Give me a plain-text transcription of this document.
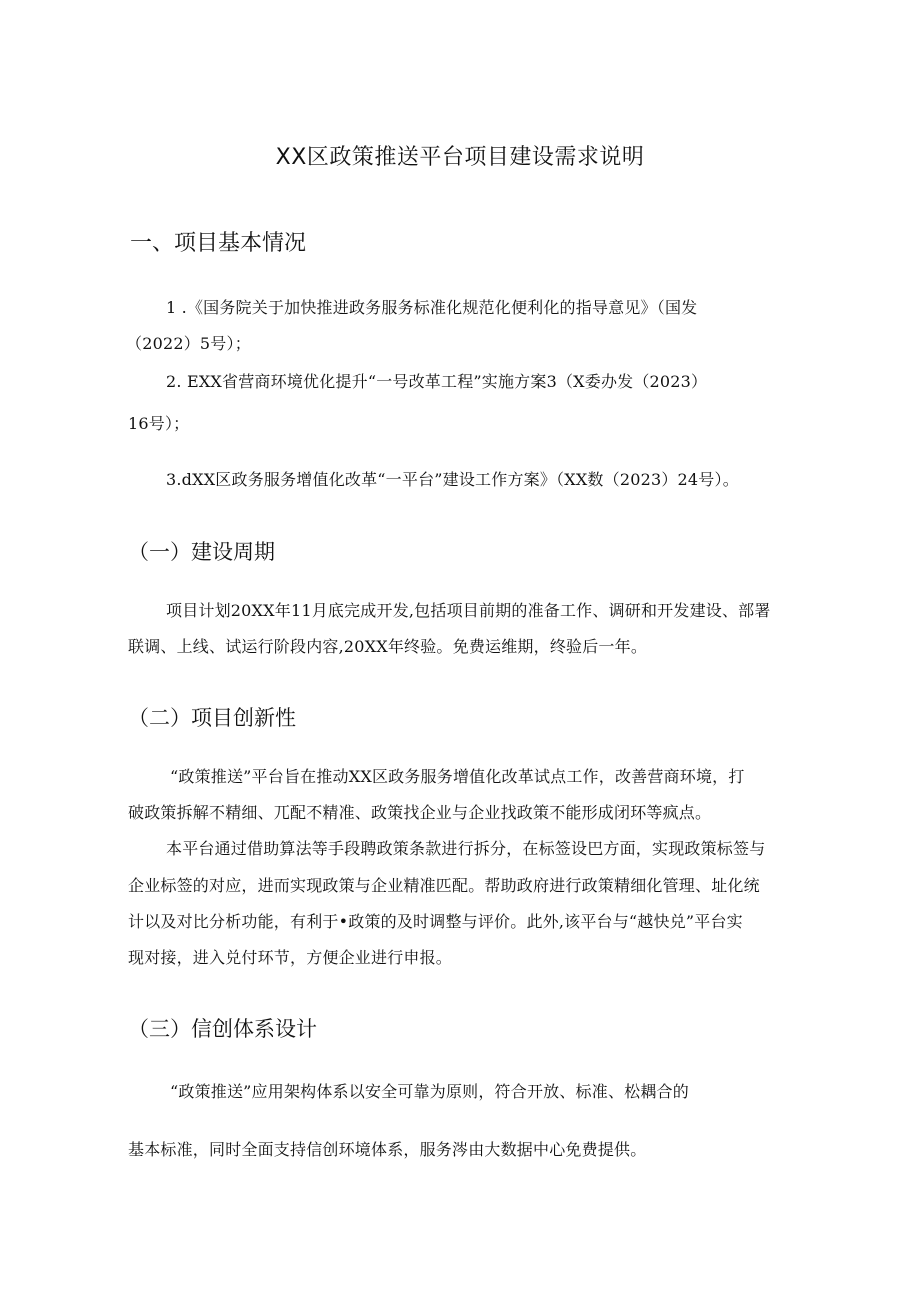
XX区政策推送平台项目建设需求说明
一、项目基本情况
1 .《国务院关于加快推进政务服务标准化规范化便利化的指导意见》（国发
（2022）5号）；
2. EXX省营商环境优化提升“一号改革工程”实施方案3（X委办发（2023）
16号）；
3.dXX区政务服务增值化改革“一平台”建设工作方案》（XX数（2023）24号）。
（一）建设周期
项目计划20XX年11月底完成开发,包括项目前期的准备工作、调研和开发建设、部署
联调、上线、试运行阶段内容,20XX年终验。免费运维期，终验后一年。
（二）项目创新性
“政策推送”平台旨在推动XX区政务服务增值化改革试点工作，改善营商环境，打
破政策拆解不精细、兀配不精准、政策找企业与企业找政策不能形成闭环等疯点。
本平台通过借助算法等手段聘政策条款进行拆分，在标签设巴方面，实现政策标签与
企业标签的对应，进而实现政策与企业精准匹配。帮助政府进行政策精细化管理、址化统
计以及对比分析功能，有利于•政策的及时调整与评价。此外,该平台与“越快兑”平台实
现对接，进入兑付环节，方便企业进行申报。
（三）信创体系设计
“政策推送”应用架构体系以安全可靠为原则，符合开放、标准、松耦合的
基本标准，同时全面支持信创环境体系，服务涔由大数据中心免费提供。
